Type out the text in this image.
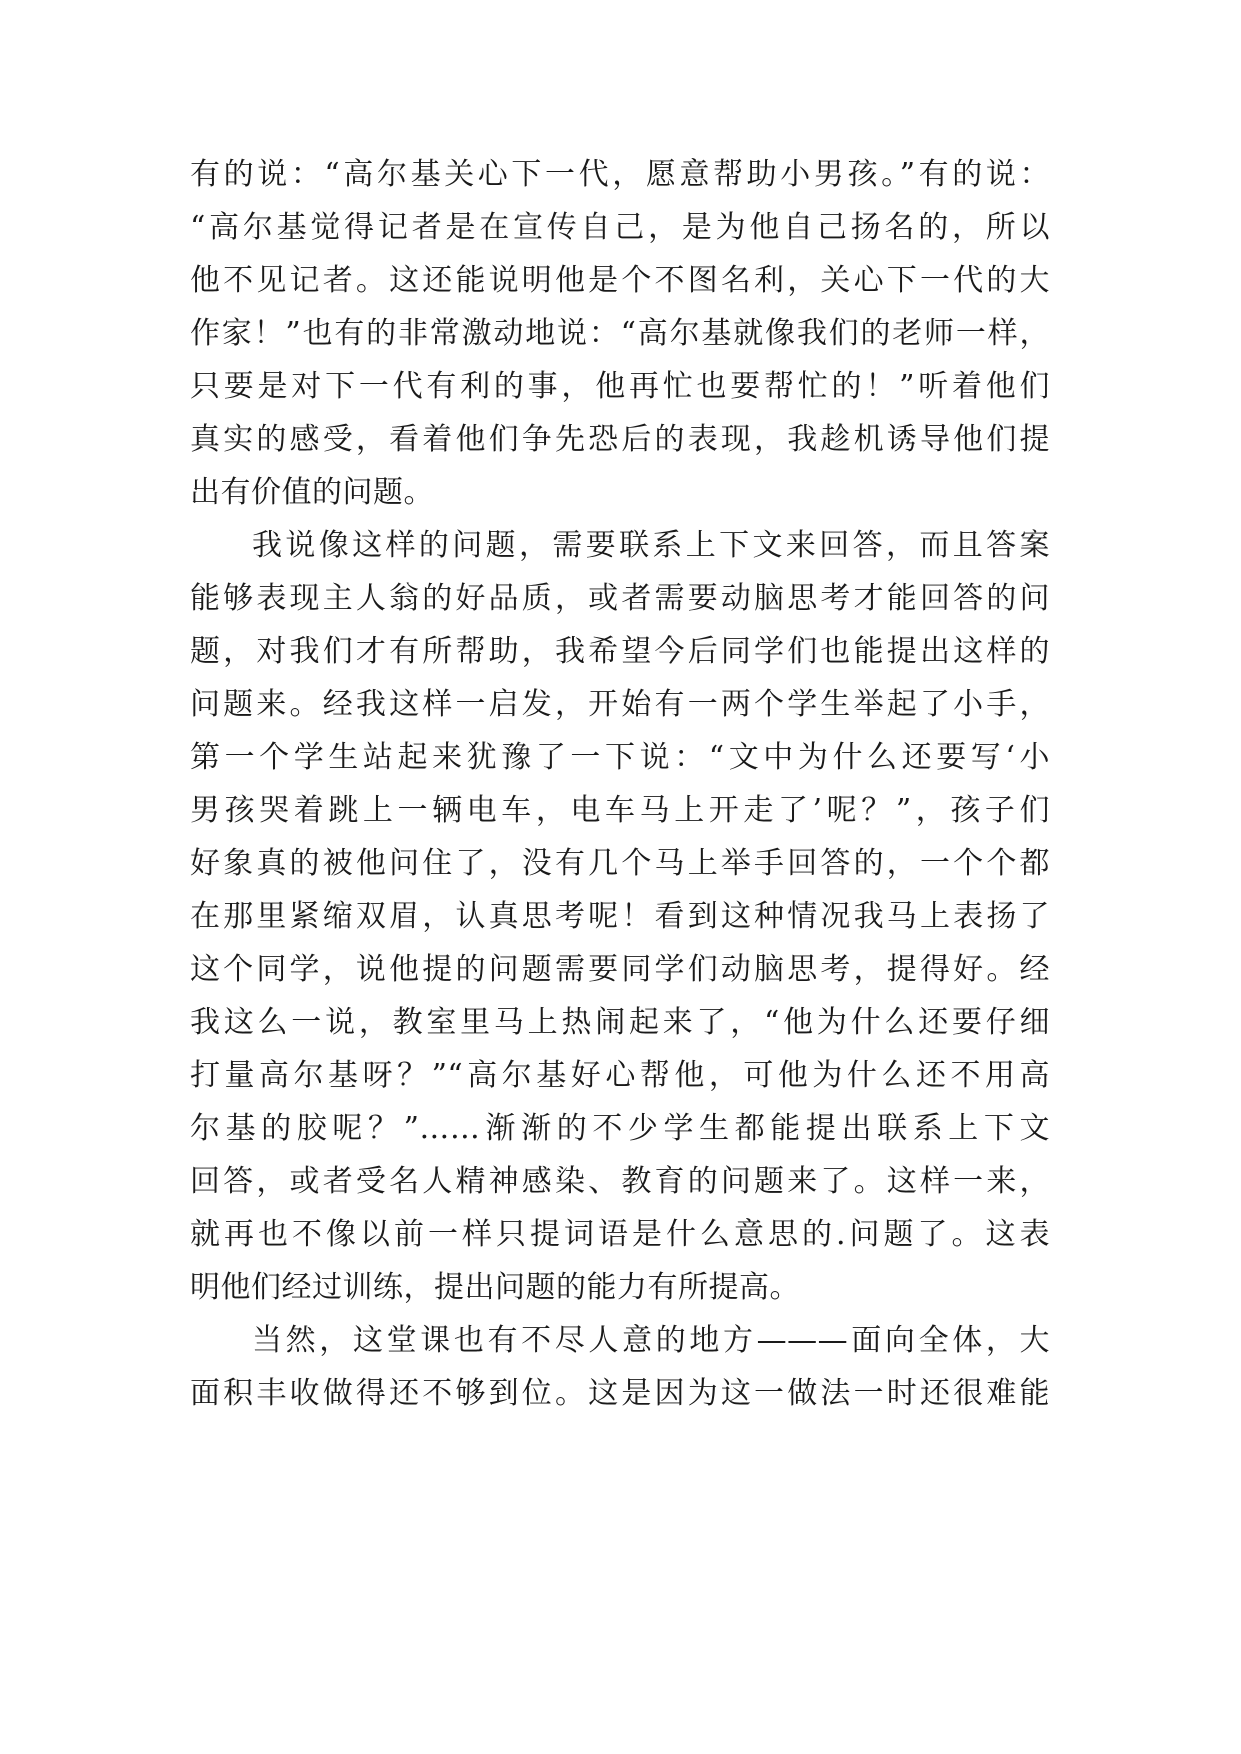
有的说：“高尔基关心下一代，愿意帮助小男孩。”有的说：
“高尔基觉得记者是在宣传自己，是为他自己扬名的，所以
他不见记者。这还能说明他是个不图名利，关心下一代的大
作家！”也有的非常激动地说：“高尔基就像我们的老师一样，
只要是对下一代有利的事，他再忙也要帮忙的！”听着他们
真实的感受，看着他们争先恐后的表现，我趁机诱导他们提
出有价值的问题。
我说像这样的问题，需要联系上下文来回答，而且答案
能够表现主人翁的好品质，或者需要动脑思考才能回答的问
题，对我们才有所帮助，我希望今后同学们也能提出这样的
问题来。经我这样一启发，开始有一两个学生举起了小手，
第一个学生站起来犹豫了一下说：“文中为什么还要写‘小
男孩哭着跳上一辆电车，电车马上开走了’呢？”，孩子们
好象真的被他问住了，没有几个马上举手回答的，一个个都
在那里紧缩双眉，认真思考呢！看到这种情况我马上表扬了
这个同学，说他提的问题需要同学们动脑思考，提得好。经
我这么一说，教室里马上热闹起来了，“他为什么还要仔细
打量高尔基呀？”“高尔基好心帮他，可他为什么还不用高
尔基的胶呢？”……渐渐的不少学生都能提出联系上下文
回答，或者受名人精神感染、教育的问题来了。这样一来，
就再也不像以前一样只提词语是什么意思的.问题了。这表
明他们经过训练，提出问题的能力有所提高。
当然，这堂课也有不尽人意的地方———面向全体，大
面积丰收做得还不够到位。这是因为这一做法一时还很难能
